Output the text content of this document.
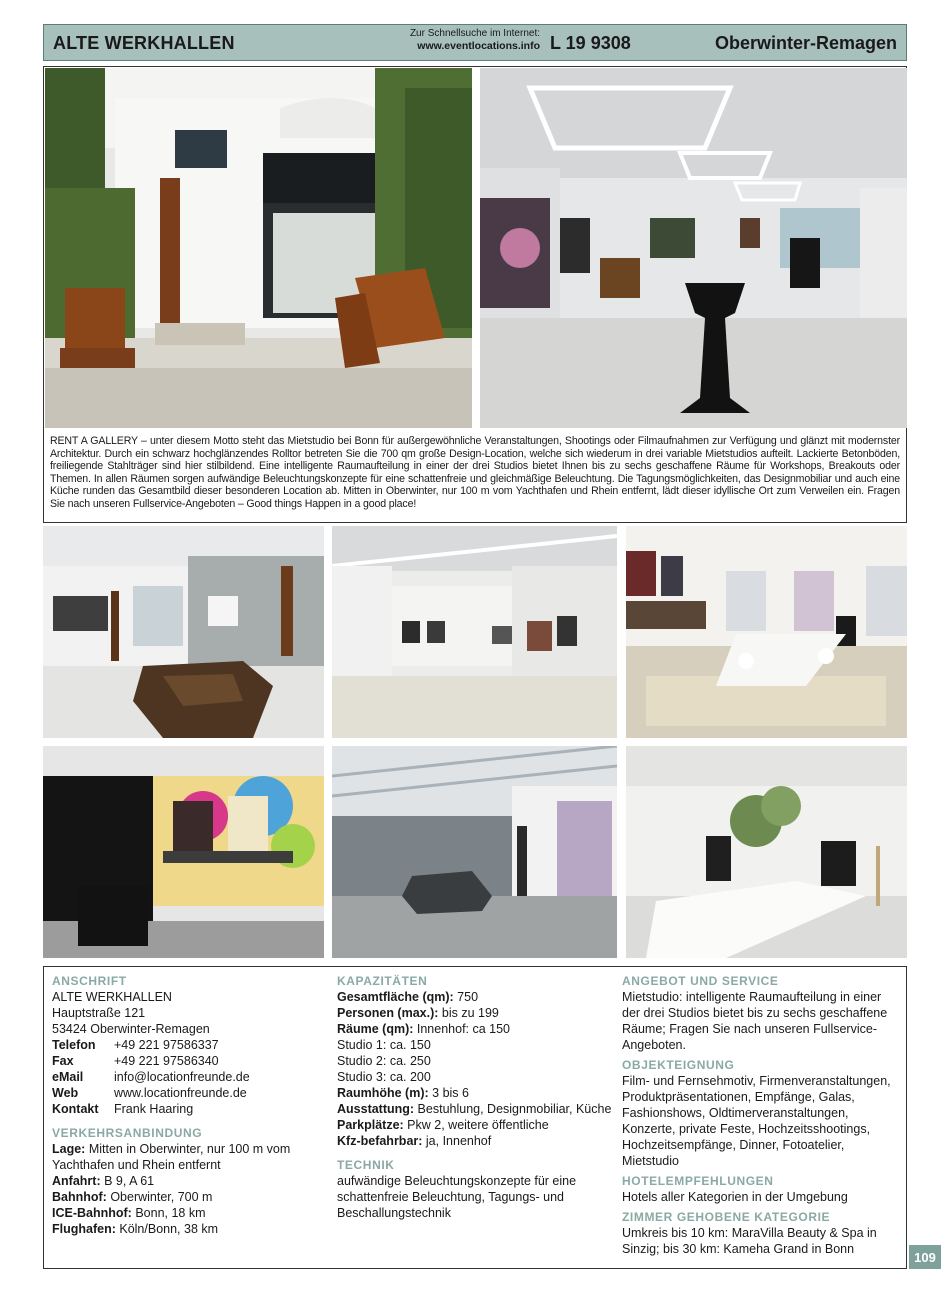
ALTE WERKHALLEN	Zur Schnellsuche im Internet:
www.eventlocations.info L 19 9308	Oberwinter-Remagen
RENT A GALLERY – unter diesem Motto steht das Mietstudio bei Bonn für außergewöhnliche Veranstaltungen, Shootings oder Filmaufnahmen zur Verfügung und glänzt mit modernster Architektur. Durch ein schwarz hochglänzendes Rolltor betreten Sie die 700 qm große Design-Location, welche sich wiederum in drei variable Mietstudios aufteilt. Lackierte Betonböden, freiliegende Stahlträger sind hier stilbildend. Eine intelligente Raumaufteilung in einer der drei Studios bietet Ihnen bis zu sechs geschaffene Räume für Workshops, Breakouts oder Themen. In allen Räumen sorgen aufwändige Beleuchtungskonzepte für eine schattenfreie und gleichmäßige Beleuchtung. Die Tagungsmöglichkeiten, das Designmobiliar und auch eine Küche runden das Gesamtbild dieser besonderen Location ab. Mitten in Oberwinter, nur 100 m vom Yachthafen und Rhein entfernt, lädt dieser idyllische Ort zum Verweilen ein. Fragen Sie nach unseren Fullservice-Angeboten – Good things Happen in a good place!
ANSCHRIFT
ALTE WERKHALLEN
Hauptstraße 121
53424 Oberwinter-Remagen
Telefon	+49 221 97586337
Fax	+49 221 97586340
eMail	info@locationfreunde.de
Web	www.locationfreunde.de
Kontakt	Frank Haaring
VERKEHRSANBINDUNG
Lage: Mitten in Oberwinter, nur 100 m vom Yachthafen und Rhein entfernt
Anfahrt: B 9, A 61
Bahnhof: Oberwinter, 700 m
ICE-Bahnhof: Bonn, 18 km
Flughafen: Köln/Bonn, 38 km
KAPAZITÄTEN
Gesamtfläche (qm): 750
Personen (max.): bis zu 199
Räume (qm): Innenhof: ca 150
Studio 1: ca. 150
Studio 2: ca. 250
Studio 3: ca. 200
Raumhöhe (m): 3 bis 6
Ausstattung: Bestuhlung, Designmobiliar, Küche
Parkplätze: Pkw 2, weitere öffentliche
Kfz-befahrbar: ja, Innenhof
TECHNIK
aufwändige Beleuchtungskonzepte für eine schattenfreie Beleuchtung, Tagungs- und Beschallungstechnik
ANGEBOT UND SERVICE
Mietstudio: intelligente Raumaufteilung in einer der drei Studios bietet bis zu sechs geschaffene Räume; Fragen Sie nach unseren Fullservice-Angeboten.
OBJEKTEIGNUNG
Film- und Fernsehmotiv, Firmenveranstaltungen, Produktpräsentationen, Empfänge, Galas, Fashionshows, Oldtimerveranstaltungen, Konzerte, private Feste, Hochzeitsshootings, Hochzeitsempfänge, Dinner, Fotoatelier, Mietstudio
HOTELEMPFEHLUNGEN
Hotels aller Kategorien in der Umgebung
ZIMMER GEHOBENE KATEGORIE
Umkreis bis 10 km: MaraVilla Beauty & Spa in Sinzig; bis 30 km: Kameha Grand in Bonn
109
